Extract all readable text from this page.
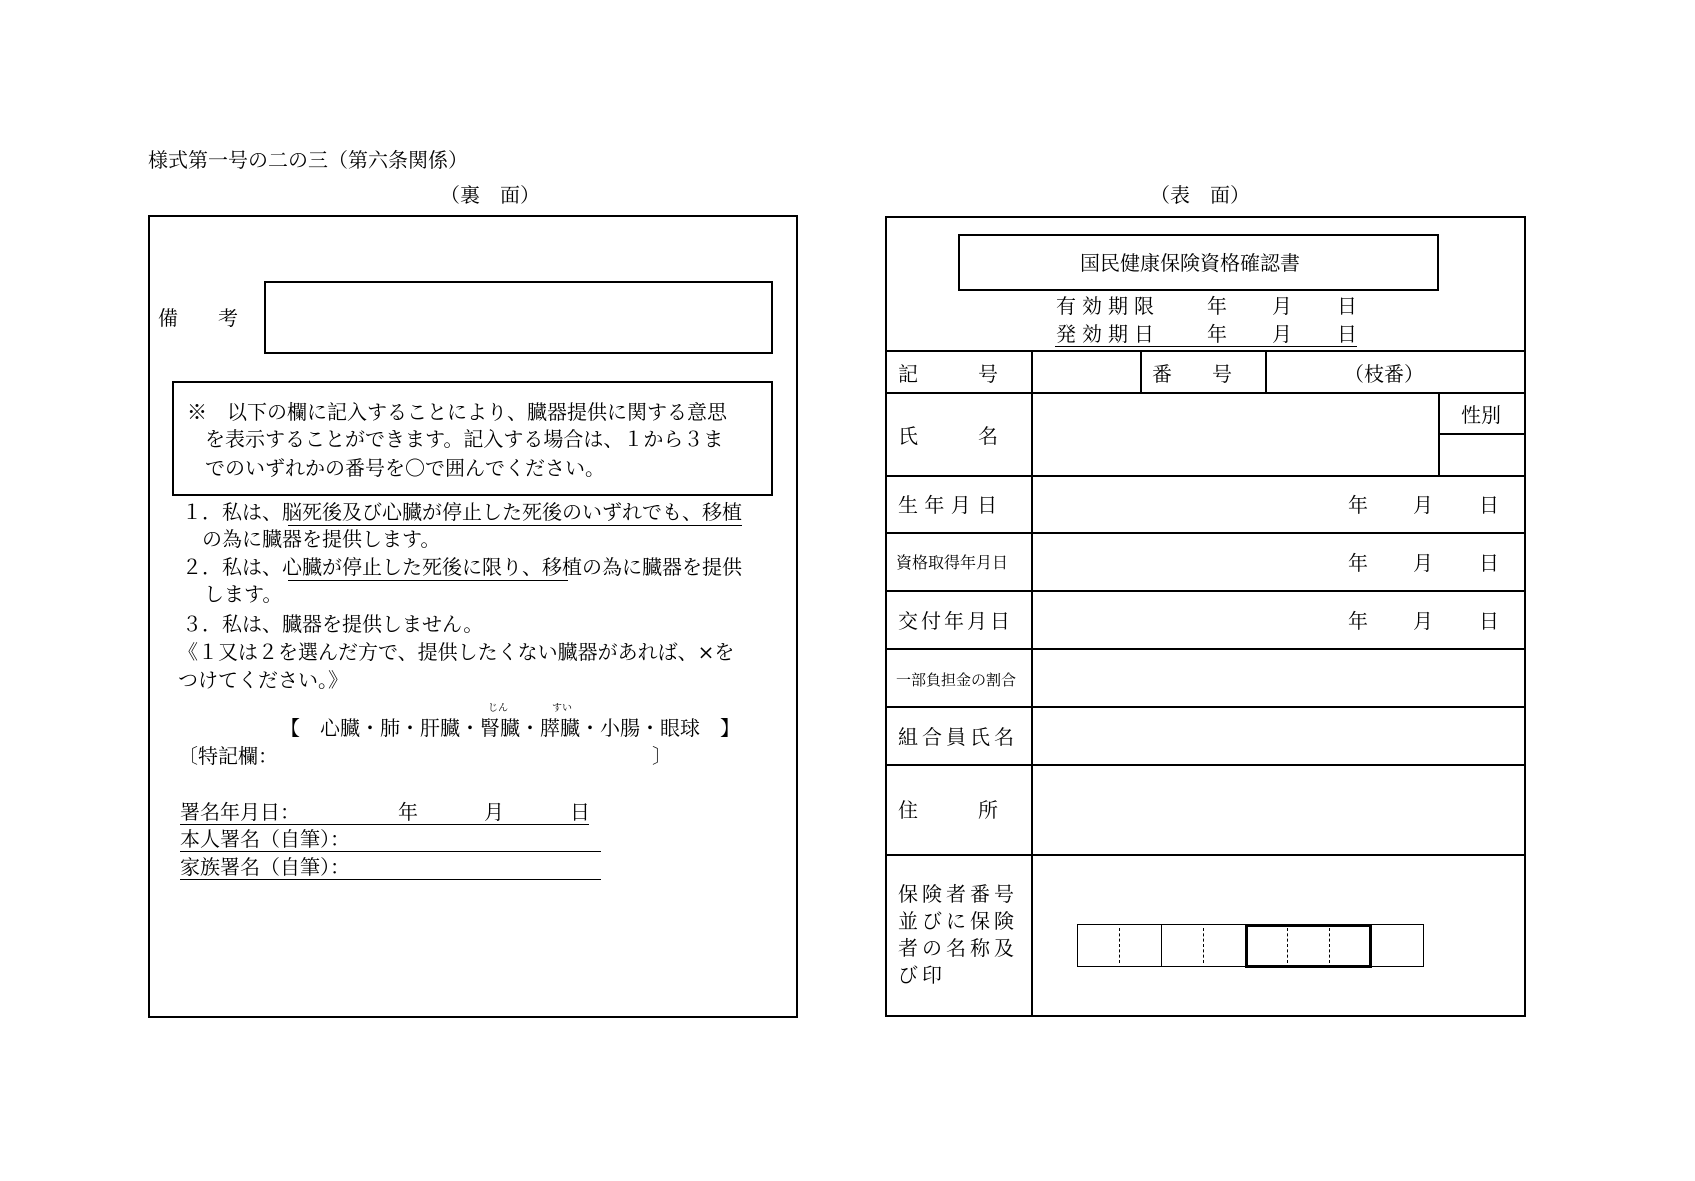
様式第一号の二の三（第六条関係）
（裏　面）	（表　面）
備　　考
※　以下の欄に記入することにより、臓器提供に関する意思
を表示することができます。記入する場合は、１から３ま
でのいずれかの番号を〇で囲んでください。
１．私は、脳死後及び心臓が停止した死後のいずれでも、移植
の為に臓器を提供します。
２．私は、心臓が停止した死後に限り、移植の為に臓器を提供
します。
３．私は、臓器を提供しません。
《１又は２を選んだ方で、提供したくない臓器があれば、×を
つけてください。》
じん	すい
【　心臓・肺・肝臓・腎臓・膵臓・小腸・眼球　】
〔特記欄：	〕
署名年月日：	年	月	日
本人署名（自筆）：
家族署名（自筆）：
国民健康保険資格確認書
有効期限 年 月 日
発効期日 年 月 日
記　　　号	番　　号	（枝番）
氏　　　名
性別
生 年 月 日	年 月 日
資格取得年月日	年 月 日
交付年月日	年 月 日
一部負担金の割合
組合員氏名
住　　　所
保険者番号
並びに保険
者の名称及
び印
